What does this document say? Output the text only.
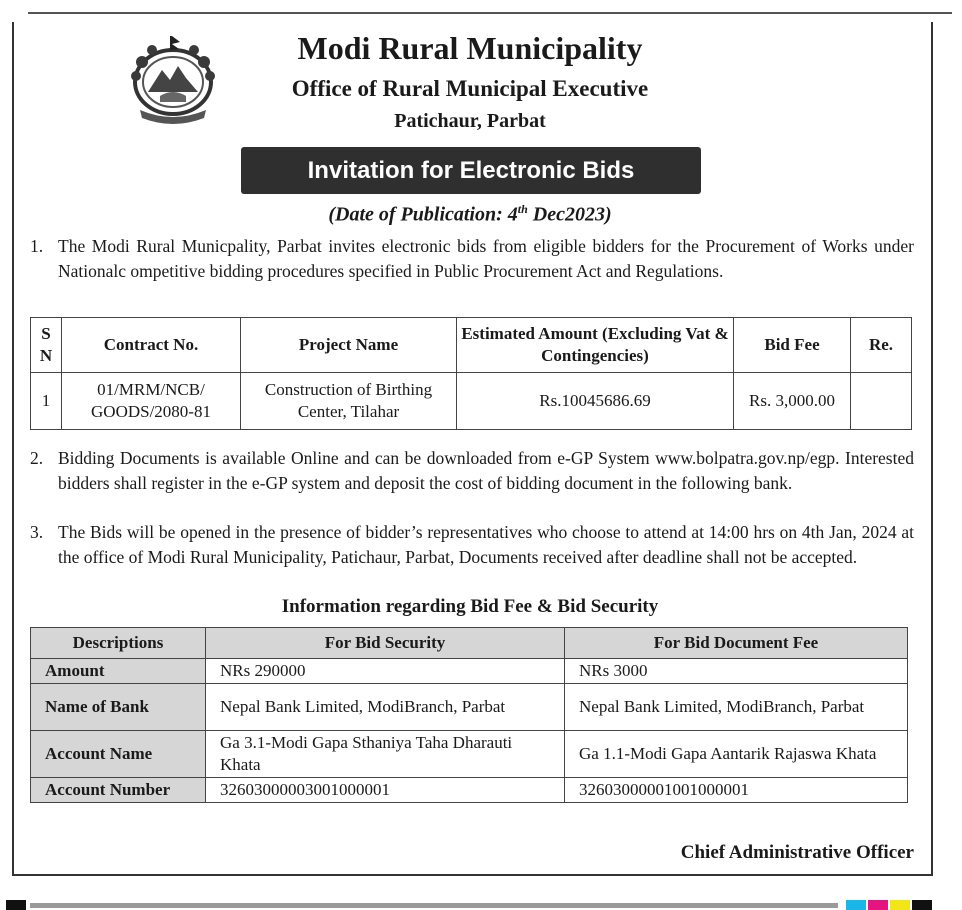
Modi Rural Municipality
Office of Rural Municipal Executive
Patichaur, Parbat
Invitation for Electronic Bids
(Date of Publication: 4th Dec2023)
1. The Modi Rural Municpality, Parbat invites electronic bids from eligible bidders for the Procurement of Works under Nationalc ompetitive bidding procedures specified in Public Procurement Act and Regulations.
S N	Contract No.	Project Name	Estimated Amount (Excluding Vat & Contingencies)	Bid Fee	Re.
1	01/MRM/NCB/ GOODS/2080-81	Construction of Birthing Center, Tilahar	Rs.10045686.69	Rs. 3,000.00	
2. Bidding Documents is available Online and can be downloaded from e-GP System www.bolpatra.gov.np/egp. Interested bidders shall register in the e-GP system and deposit the cost of bidding document in the following bank.
3. The Bids will be opened in the presence of bidder’s representatives who choose to attend at 14:00 hrs on 4th Jan, 2024 at the office of Modi Rural Municipality, Patichaur, Parbat, Documents received after deadline shall not be accepted.
Information regarding Bid Fee & Bid Security
Descriptions	For Bid Security	For Bid Document Fee
Amount	NRs 290000	NRs 3000
Name of Bank	Nepal Bank Limited, ModiBranch, Parbat	Nepal Bank Limited, ModiBranch, Parbat
Account Name	Ga 3.1-Modi Gapa Sthaniya Taha Dharauti Khata	Ga 1.1-Modi Gapa Aantarik Rajaswa Khata
Account Number	32603000003001000001	32603000001001000001
Chief Administrative Officer
